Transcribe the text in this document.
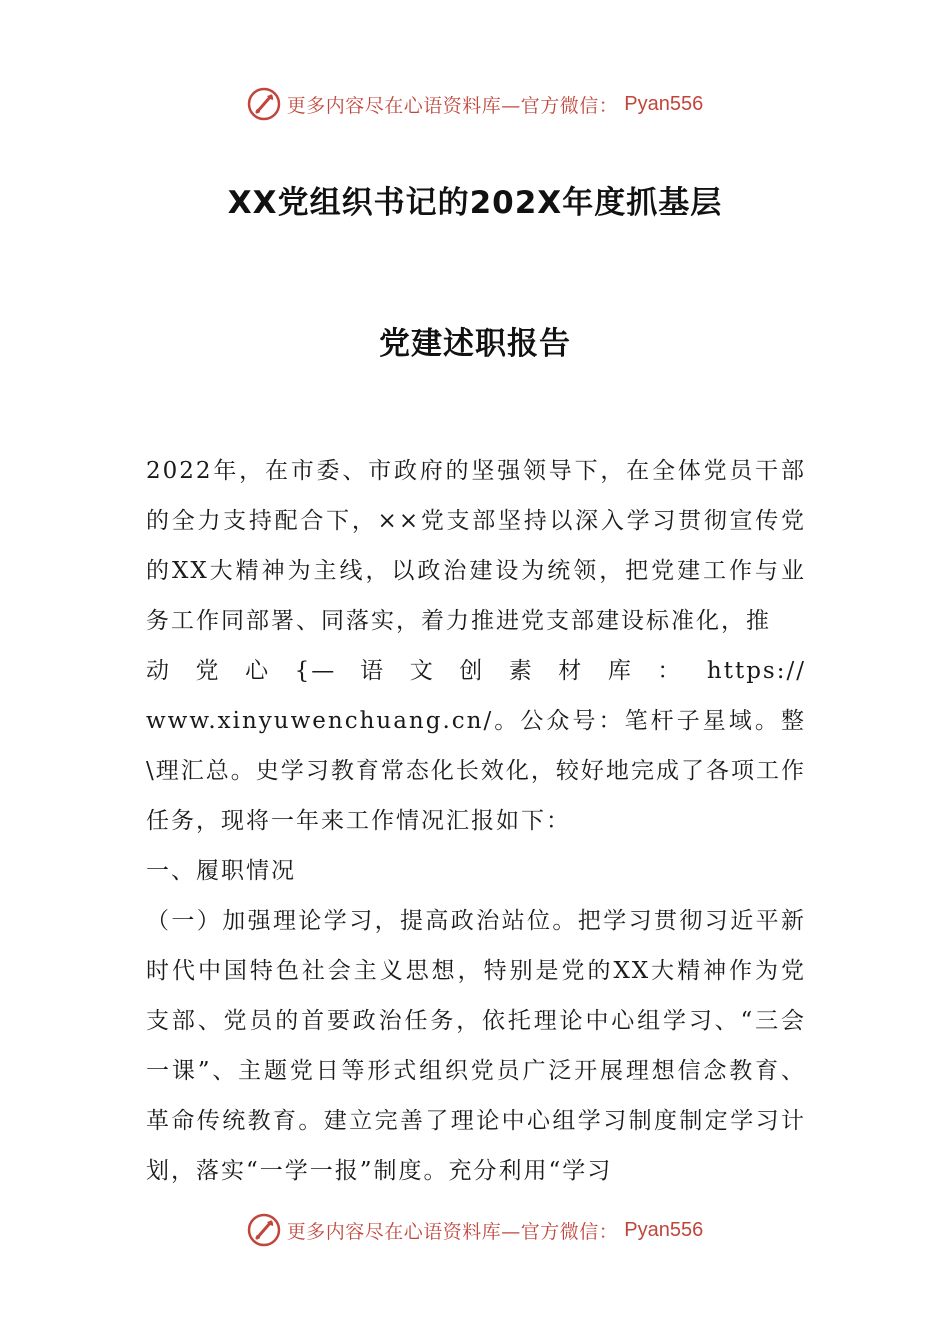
更多内容尽在心语资料库—官方微信： Pyan556
XX党组织书记的202X年度抓基层
党建述职报告

2022年，在市委、市政府的坚强领导下，在全体党员干部的全力支持配合下，××党支部坚持以深入学习贯彻宣传党的XX大精神为主线，以政治建设为统领，把党建工作与业务工作同部署、同落实，着力推进党支部建设标准化，推

动 党 心 {— 语 文 创 素 材 库 ： https://

www.xinyuwenchuang.cn/。公众号：笔杆子星域。整\理汇总。史学习教育常态化长效化，较好地完成了各项工作任务，现将一年来工作情况汇报如下：

一、履职情况

（一）加强理论学习，提高政治站位。把学习贯彻习近平新时代中国特色社会主义思想，特别是党的XX大精神作为党支部、党员的首要政治任务，依托理论中心组学习、“三会一课”、主题党日等形式组织党员广泛开展理想信念教育、革命传统教育。建立完善了理论中心组学习制度制定学习计划，落实“一学一报”制度。充分利用“学习

更多内容尽在心语资料库—官方微信： Pyan556
